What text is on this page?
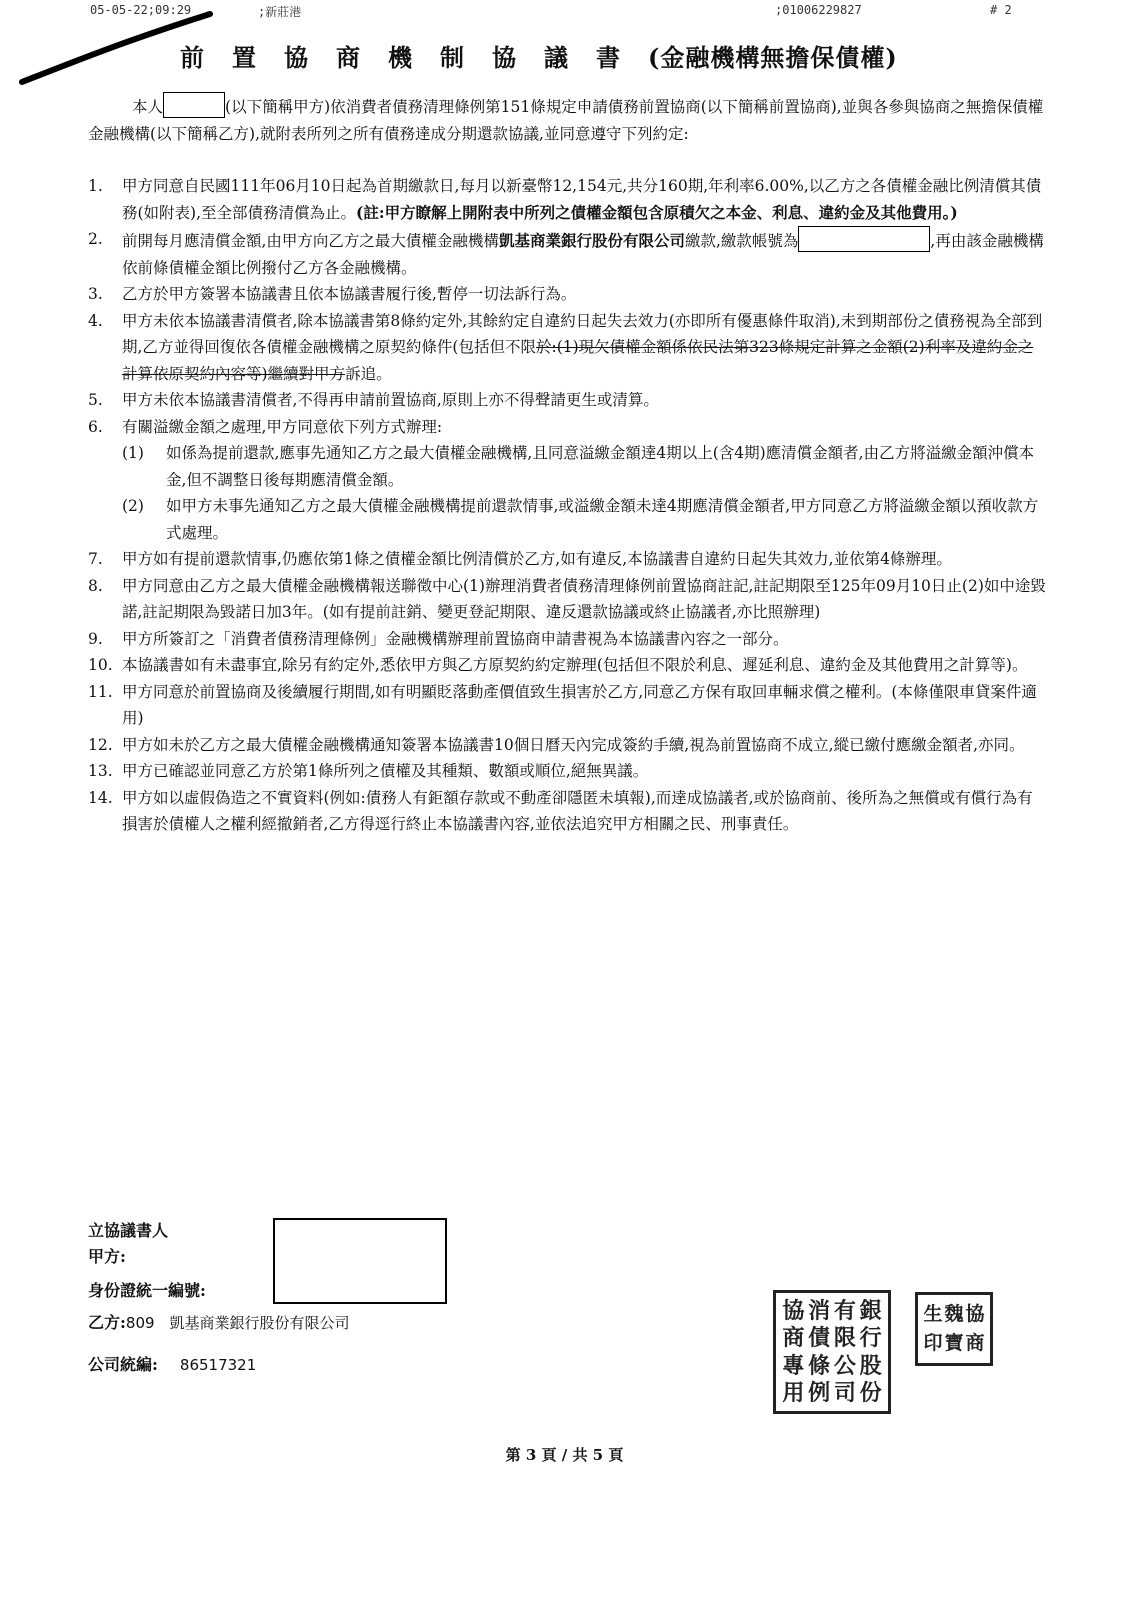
05-05-22;09:29	;新莊港	;01006229827	# 2
前置協商機制協議書(金融機構無擔保債權)

本人	(以下簡稱甲方)依消費者債務清理條例第151條規定申請債務前置協商(以下簡稱前置協商),並與各參與協商之無擔保債權金融機構(以下簡稱乙方),就附表所列之所有債務達成分期還款協議,並同意遵守下列約定:

1. 甲方同意自民國111年06月10日起為首期繳款日,每月以新臺幣12,154元,共分160期,年利率6.00%,以乙方之各債權金融比例清償其債務(如附表),至全部債務清償為止。(註:甲方瞭解上開附表中所列之債權金額包含原積欠之本金、利息、違約金及其他費用。)
2. 前開每月應清償金額,由甲方向乙方之最大債權金融機構凱基商業銀行股份有限公司繳款,繳款帳號為	,再由該金融機構依前條債權金額比例撥付乙方各金融機構。
3. 乙方於甲方簽署本協議書且依本協議書履行後,暫停一切法訴行為。
4. 甲方未依本協議書清償者,除本協議書第8條約定外,其餘約定自違約日起失去效力(亦即所有優惠條件取消),未到期部份之債務視為全部到期,乙方並得回復依各債權金融機構之原契約條件(包括但不限於:(1)現欠債權金額係依民法第323條規定計算之金額(2)利率及違約金之計算依原契約內容等)繼續對甲方訴追。
5. 甲方未依本協議書清償者,不得再申請前置協商,原則上亦不得聲請更生或清算。
6. 有關溢繳金額之處理,甲方同意依下列方式辦理:
(1) 如係為提前還款,應事先通知乙方之最大債權金融機構,且同意溢繳金額達4期以上(含4期)應清償金額者,由乙方將溢繳金額沖償本金,但不調整日後每期應清償金額。
(2) 如甲方未事先通知乙方之最大債權金融機構提前還款情事,或溢繳金額未達4期應清償金額者,甲方同意乙方將溢繳金額以預收款方式處理。
7. 甲方如有提前還款情事,仍應依第1條之債權金額比例清償於乙方,如有違反,本協議書自違約日起失其效力,並依第4條辦理。
8. 甲方同意由乙方之最大債權金融機構報送聯徵中心(1)辦理消費者債務清理條例前置協商註記,註記期限至125年09月10日止(2)如中途毀諾,註記期限為毀諾日加3年。(如有提前註銷、變更登記期限、違反還款協議或終止協議者,亦比照辦理)
9. 甲方所簽訂之「消費者債務清理條例」金融機構辦理前置協商申請書視為本協議書內容之一部分。
10. 本協議書如有未盡事宜,除另有約定外,悉依甲方與乙方原契約約定辦理(包括但不限於利息、遲延利息、違約金及其他費用之計算等)。
11. 甲方同意於前置協商及後續履行期間,如有明顯貶落動產價值致生損害於乙方,同意乙方保有取回車輛求償之權利。(本條僅限車貸案件適用)
12. 甲方如未於乙方之最大債權金融機構通知簽署本協議書10個日曆天內完成簽約手續,視為前置協商不成立,縱已繳付應繳金額者,亦同。
13. 甲方已確認並同意乙方於第1條所列之債權及其種類、數額或順位,絕無異議。
14. 甲方如以虛假偽造之不實資料(例如:債務人有鉅額存款或不動產卻隱匿未填報),而達成協議者,或於協商前、後所為之無償或有償行為有損害於債權人之權利經撤銷者,乙方得逕行終止本協議書內容,並依法追究甲方相關之民、刑事責任。
立協議書人
甲方:
身份證統一編號:
乙方:809　凱基商業銀行股份有限公司
公司統編: 86517321
協
商
專
用
消
債
條
例
有
限
公
司
銀
行
股
份
生
印
魏
寶
協
商
第 3 頁 / 共 5 頁
